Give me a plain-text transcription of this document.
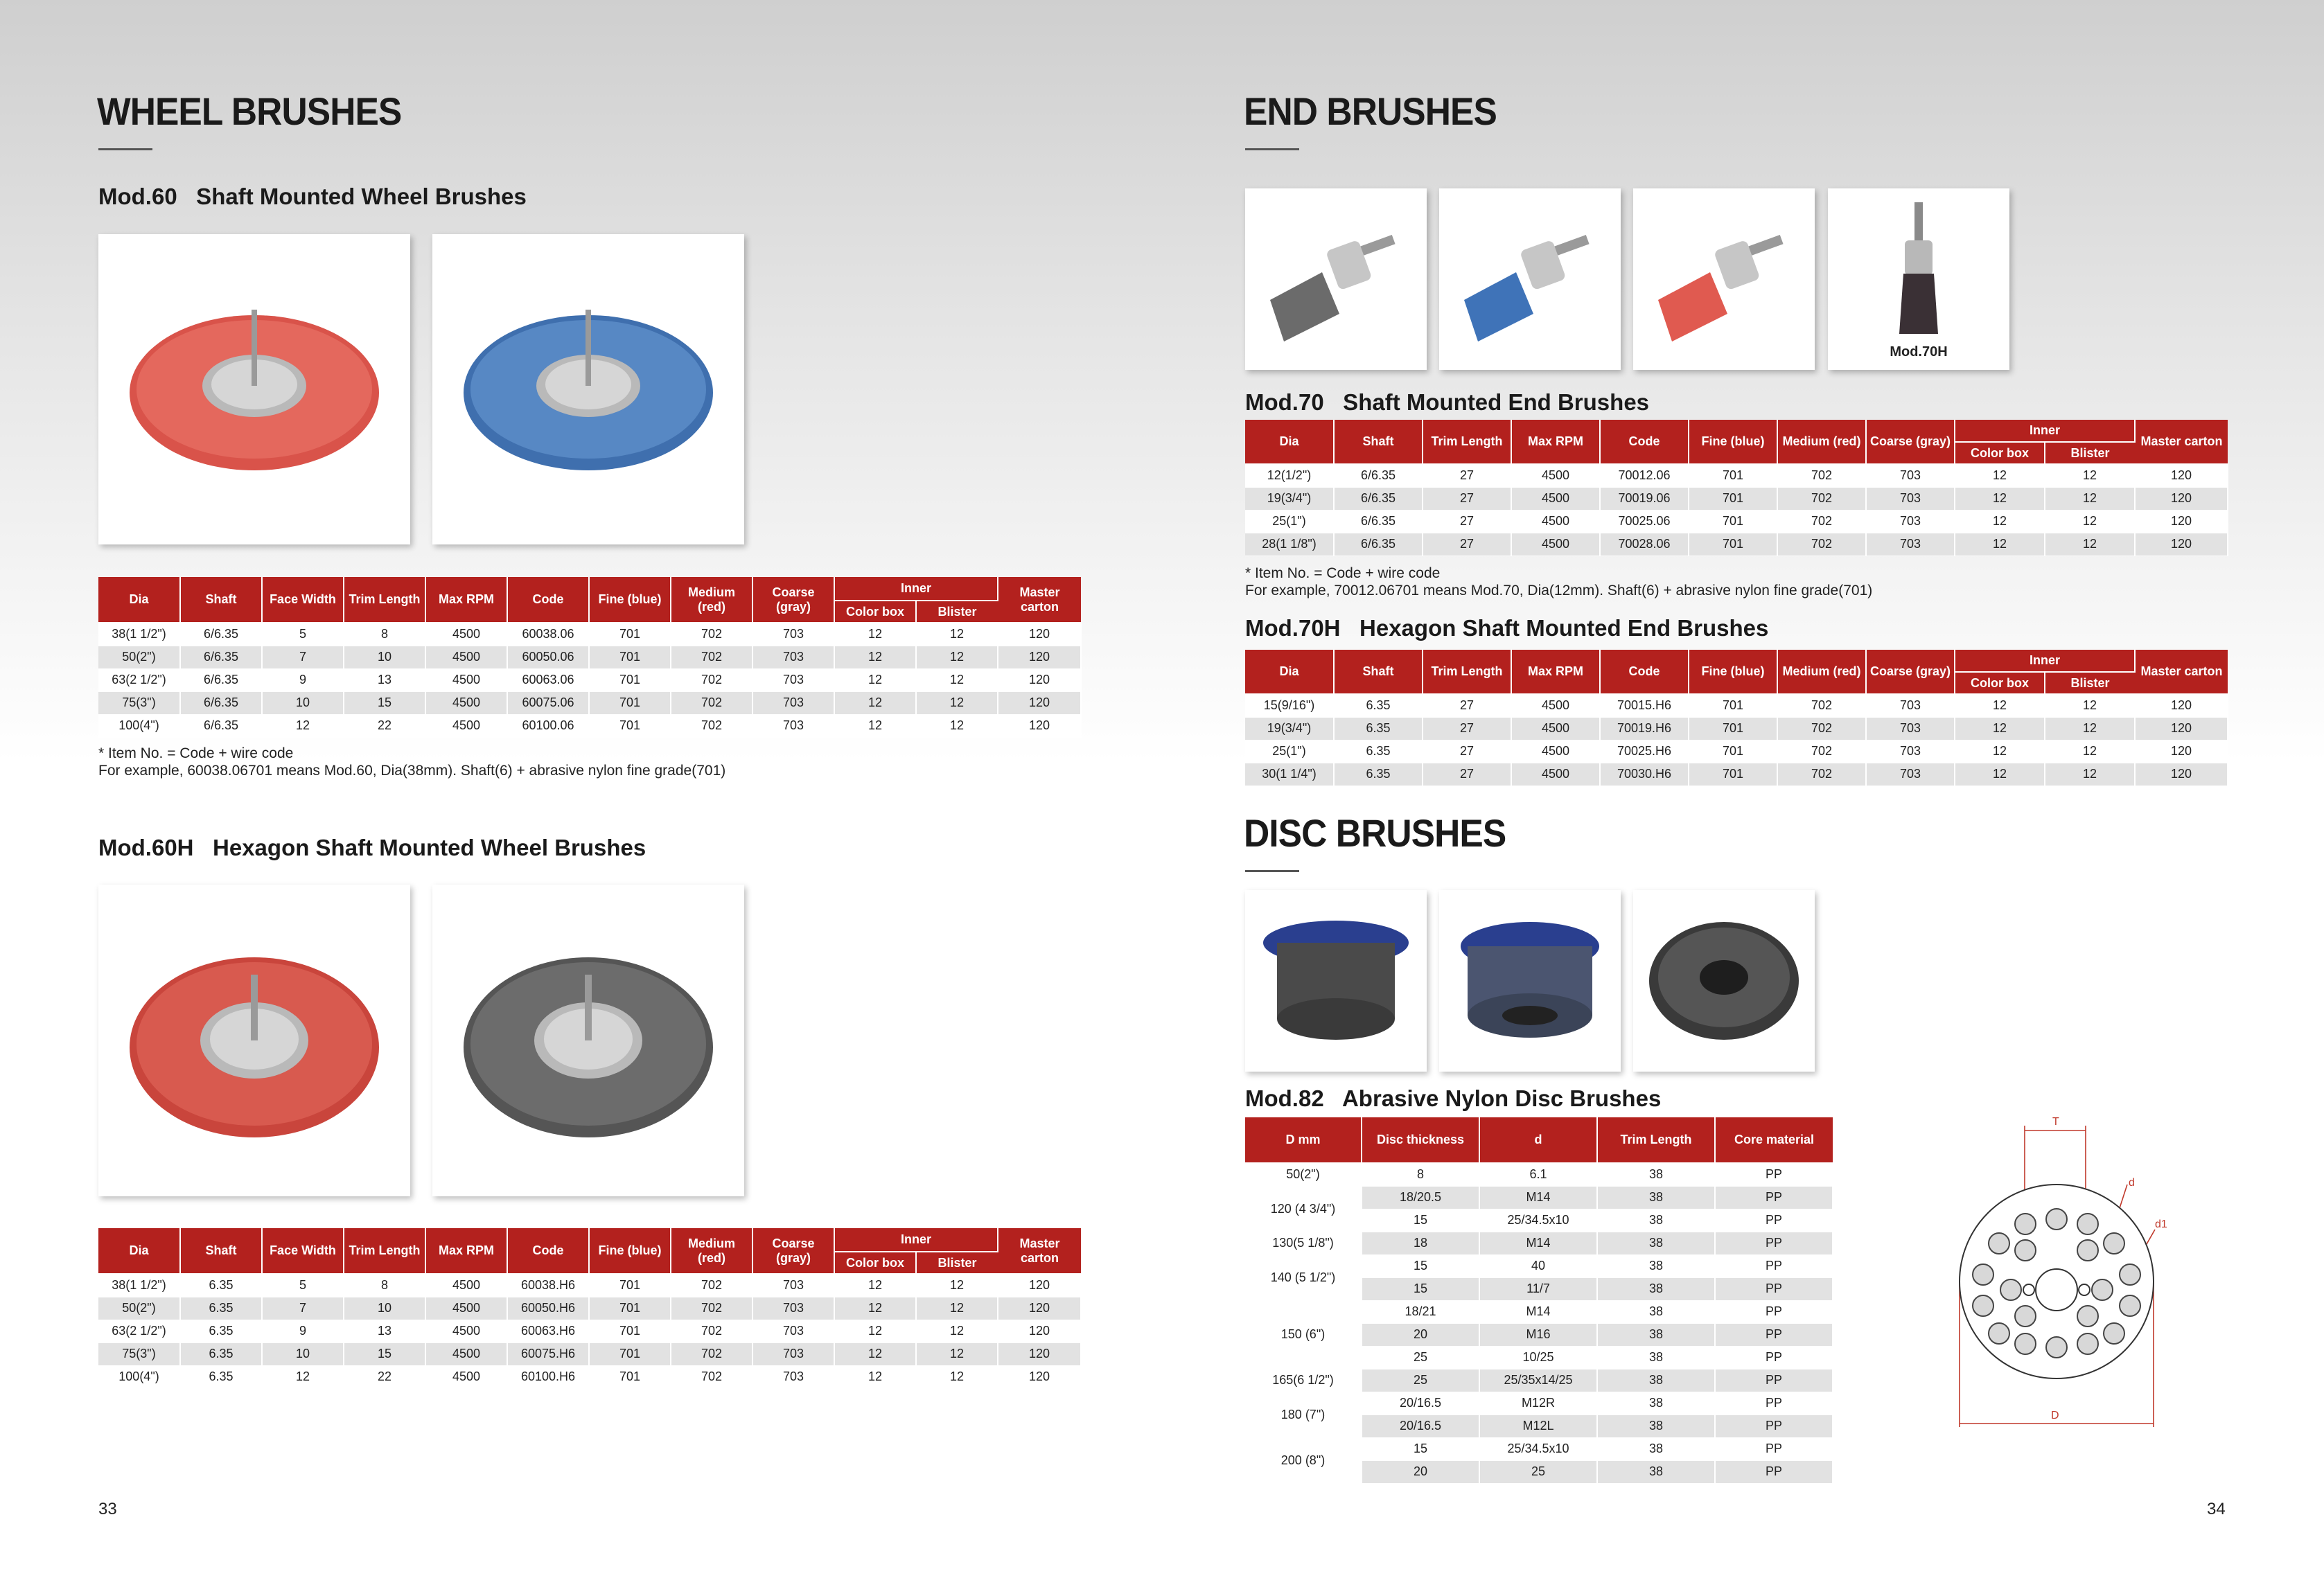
WHEEL BRUSHES
Mod.60   Shaft Mounted Wheel Brushes
Dia	Shaft	Face Width	Trim Length	Max RPM	Code	Fine (blue)	Medium (red)	Coarse (gray)	Inner		Master carton
									Color box	Blister	
38(1 1/2")	6/6.35	5	8	4500	60038.06	701	702	703	12	12	120
50(2")	6/6.35	7	10	4500	60050.06	701	702	703	12	12	120
63(2 1/2")	6/6.35	9	13	4500	60063.06	701	702	703	12	12	120
75(3")	6/6.35	10	15	4500	60075.06	701	702	703	12	12	120
100(4")	6/6.35	12	22	4500	60100.06	701	702	703	12	12	120
* Item No. = Code + wire code
For example, 60038.06701 means Mod.60, Dia(38mm). Shaft(6) + abrasive nylon fine grade(701)
Mod.60H   Hexagon Shaft Mounted Wheel Brushes
Dia	Shaft	Face Width	Trim Length	Max RPM	Code	Fine (blue)	Medium (red)	Coarse (gray)	Inner		Master carton
									Color box	Blister	
38(1 1/2")	6.35	5	8	4500	60038.H6	701	702	703	12	12	120
50(2")	6.35	7	10	4500	60050.H6	701	702	703	12	12	120
63(2 1/2")	6.35	9	13	4500	60063.H6	701	702	703	12	12	120
75(3")	6.35	10	15	4500	60075.H6	701	702	703	12	12	120
100(4")	6.35	12	22	4500	60100.H6	701	702	703	12	12	120
33
END BRUSHES
Mod.70H
Mod.70   Shaft Mounted End Brushes
Dia	Shaft	Trim Length	Max RPM	Code	Fine (blue)	Medium (red)	Coarse (gray)	Inner		Master carton
								Color box	Blister	
12(1/2")	6/6.35	27	4500	70012.06	701	702	703	12	12	120
19(3/4")	6/6.35	27	4500	70019.06	701	702	703	12	12	120
25(1")	6/6.35	27	4500	70025.06	701	702	703	12	12	120
28(1 1/8")	6/6.35	27	4500	70028.06	701	702	703	12	12	120
* Item No. = Code + wire code
For example, 70012.06701 means Mod.70, Dia(12mm). Shaft(6) + abrasive nylon fine grade(701)
Mod.70H   Hexagon Shaft Mounted End Brushes
Dia	Shaft	Trim Length	Max RPM	Code	Fine (blue)	Medium (red)	Coarse (gray)	Inner		Master carton
								Color box	Blister	
15(9/16")	6.35	27	4500	70015.H6	701	702	703	12	12	120
19(3/4")	6.35	27	4500	70019.H6	701	702	703	12	12	120
25(1")	6.35	27	4500	70025.H6	701	702	703	12	12	120
30(1 1/4")	6.35	27	4500	70030.H6	701	702	703	12	12	120
DISC BRUSHES
Mod.82   Abrasive Nylon Disc Brushes
D mm	Disc thickness	d	Trim Length	Core material
50(2")	8	6.1	38	PP
120 (4 3/4")	18/20.5	M14	38	PP
	15	25/34.5x10	38	PP
130(5 1/8")	18	M14	38	PP
140 (5 1/2")	15	40	38	PP
	15	11/7	38	PP
150 (6")	18/21	M14	38	PP
	20	M16	38	PP
	25	10/25	38	PP
165(6 1/2")	25	25/35x14/25	38	PP
180 (7")	20/16.5	M12R	38	PP
	20/16.5	M12L	38	PP
200 (8")	15	25/34.5x10	38	PP
	20	25	38	PP
T
d
d1
D
34
